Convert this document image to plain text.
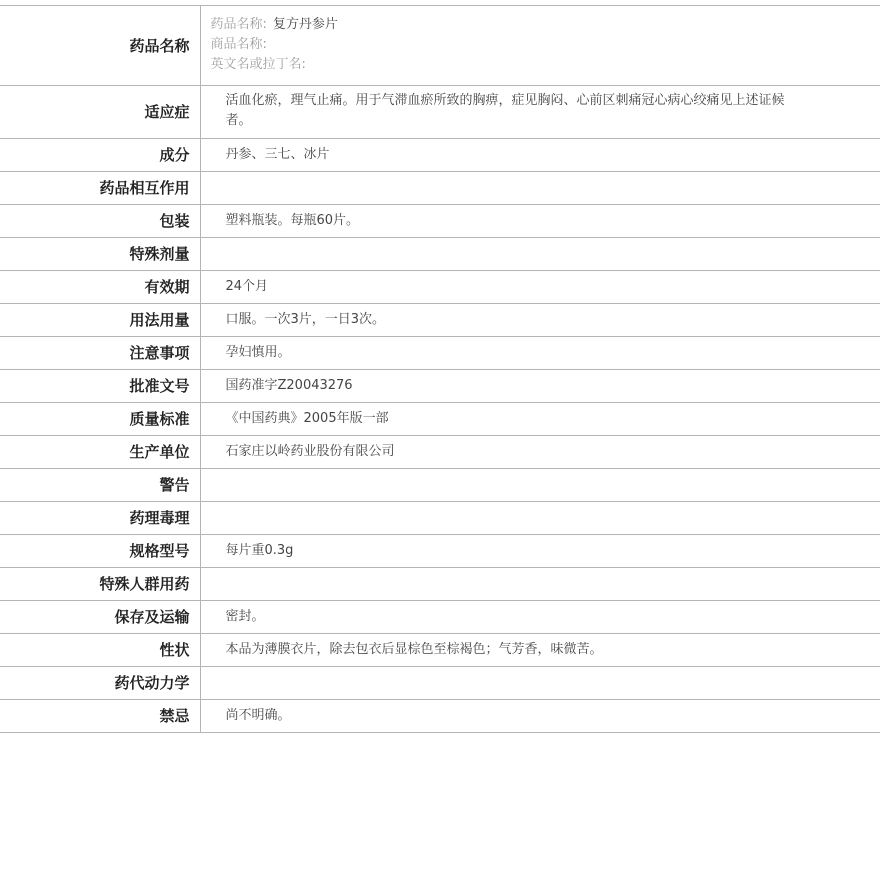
药品名称	药品名称: 复方丹参片
商品名称:
英文名或拉丁名:

适应症	活血化瘀，理气止痛。用于气滞血瘀所致的胸痹，症见胸闷、心前区刺痛冠心病心绞痛见上述证候者。
成分	丹参、三七、冰片
药品相互作用	
包装	塑料瓶装。每瓶60片。
特殊剂量	
有效期	24个月
用法用量	口服。一次3片，一日3次。
注意事项	孕妇慎用。
批准文号	国药准字Z20043276
质量标准	《中国药典》2005年版一部
生产单位	石家庄以岭药业股份有限公司
警告	
药理毒理	
规格型号	每片重0.3g
特殊人群用药	
保存及运输	密封。
性状	本品为薄膜衣片，除去包衣后显棕色至棕褐色；气芳香，味微苦。
药代动力学	
禁忌	尚不明确。
